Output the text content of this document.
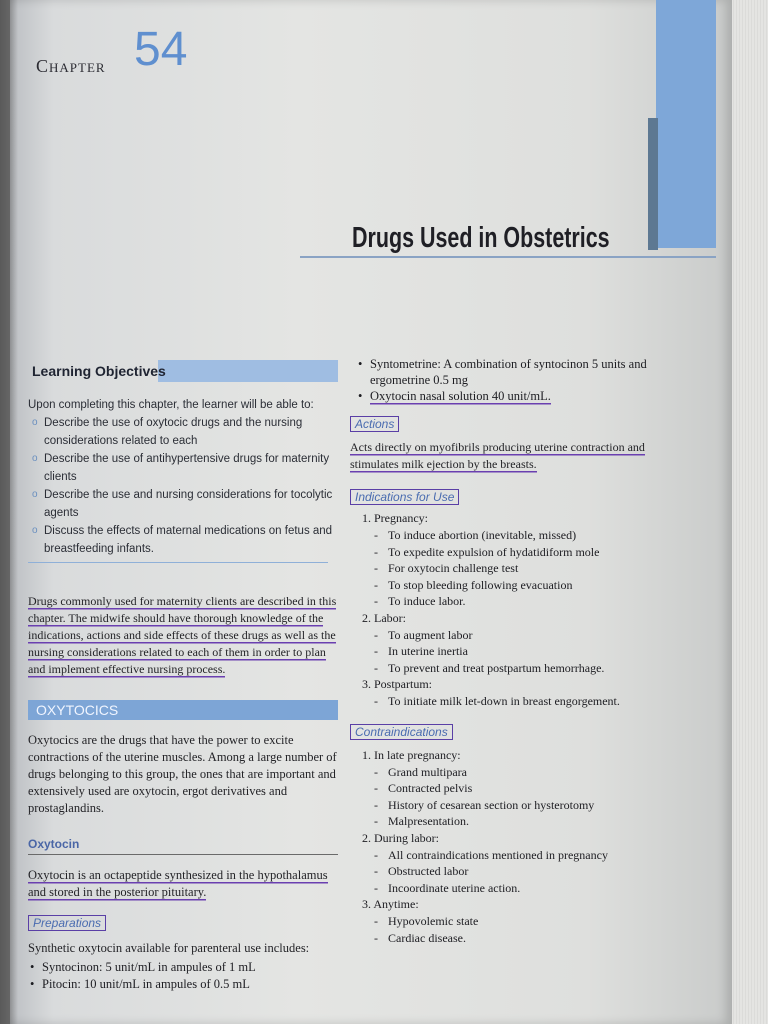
Chapter 54
Drugs Used in Obstetrics
Learning Objectives
Upon completing this chapter, the learner will be able to:
o Describe the use of oxytocic drugs and the nursing considerations related to each
o Describe the use of antihypertensive drugs for maternity clients
o Describe the use and nursing considerations for tocolytic agents
o Discuss the effects of maternal medications on fetus and breastfeeding infants.
Drugs commonly used for maternity clients are described in this chapter. The midwife should have thorough knowledge of the indications, actions and side effects of these drugs as well as the nursing considerations related to each of them in order to plan and implement effective nursing process.
OXYTOCICS
Oxytocics are the drugs that have the power to excite contractions of the uterine muscles. Among a large number of drugs belonging to this group, the ones that are important and extensively used are oxytocin, ergot derivatives and prostaglandins.
Oxytocin
Oxytocin is an octapeptide synthesized in the hypothalamus and stored in the posterior pituitary.
Preparations
Synthetic oxytocin available for parenteral use includes:
• Syntocinon: 5 unit/mL in ampules of 1 mL
• Pitocin: 10 unit/mL in ampules of 0.5 mL
• Syntometrine: A combination of syntocinon 5 units and ergometrine 0.5 mg
• Oxytocin nasal solution 40 unit/mL.
Actions
Acts directly on myofibrils producing uterine contraction and stimulates milk ejection by the breasts.
Indications for Use
1. Pregnancy:
- To induce abortion (inevitable, missed)
- To expedite expulsion of hydatidiform mole
- For oxytocin challenge test
- To stop bleeding following evacuation
- To induce labor.
2. Labor:
- To augment labor
- In uterine inertia
- To prevent and treat postpartum hemorrhage.
3. Postpartum:
- To initiate milk let-down in breast engorgement.
Contraindications
1. In late pregnancy:
- Grand multipara
- Contracted pelvis
- History of cesarean section or hysterotomy
- Malpresentation.
2. During labor:
- All contraindications mentioned in pregnancy
- Obstructed labor
- Incoordinate uterine action.
3. Anytime:
- Hypovolemic state
- Cardiac disease.
